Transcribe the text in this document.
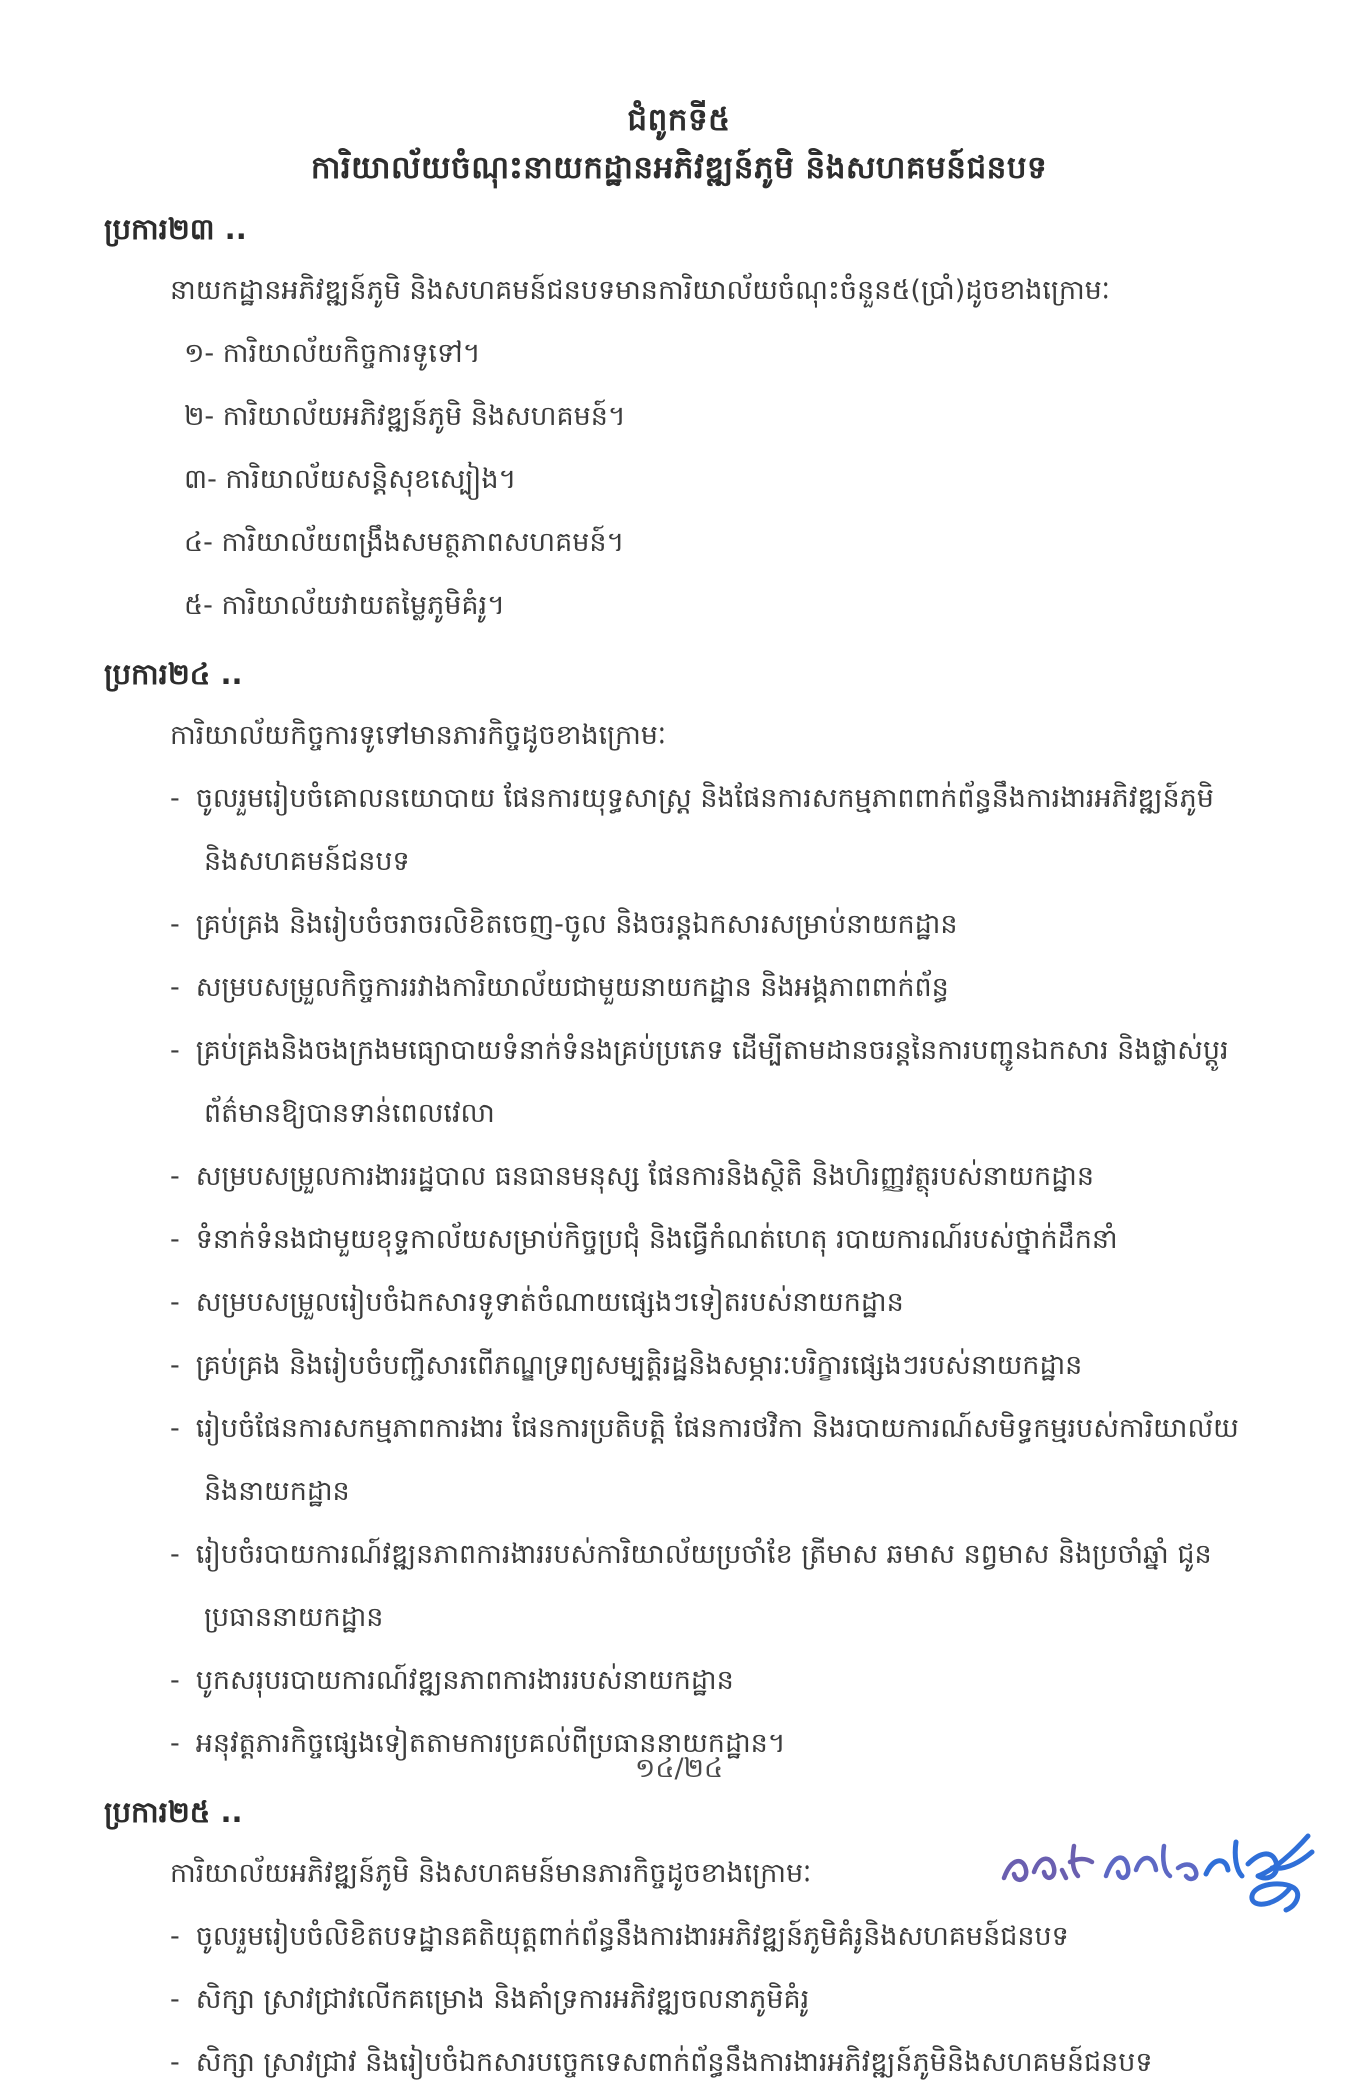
ជំពូកទី៥
ការិយាល័យចំណុះនាយកដ្ឋានអភិវឌ្ឍន៍ភូមិ និងសហគមន៍ជនបទ
ប្រការ២៣ ..
នាយកដ្ឋានអភិវឌ្ឍន៍ភូមិ និងសហគមន៍ជនបទមានការិយាល័យចំណុះចំនួន៥(ប្រាំ)ដូចខាងក្រោមៈ
១- ការិយាល័យកិច្ចការទូទៅ។
២- ការិយាល័យអភិវឌ្ឍន៍ភូមិ និងសហគមន៍។
៣- ការិយាល័យសន្តិសុខស្បៀង។
៤- ការិយាល័យពង្រឹងសមត្ថភាពសហគមន៍។
៥- ការិយាល័យវាយតម្លៃភូមិគំរូ។
ប្រការ២៤ ..
ការិយាល័យកិច្ចការទូទៅមានភារកិច្ចដូចខាងក្រោមៈ
- ចូលរួមរៀបចំគោលនយោបាយ ផែនការយុទ្ធសាស្ត្រ និងផែនការសកម្មភាពពាក់ព័ន្ធនឹងការងារអភិវឌ្ឍន៍ភូមិនិងសហគមន៍ជនបទ
- គ្រប់គ្រង និងរៀបចំចរាចរលិខិតចេញ-ចូល និងចរន្តឯកសារសម្រាប់នាយកដ្ឋាន
- សម្របសម្រួលកិច្ចការរវាងការិយាល័យជាមួយនាយកដ្ឋាន និងអង្គភាពពាក់ព័ន្ធ
- គ្រប់គ្រងនិងចងក្រងមធ្យោបាយទំនាក់ទំនងគ្រប់ប្រភេទ ដើម្បីតាមដានចរន្តនៃការបញ្ជូនឯកសារ និងផ្លាស់ប្តូរព័ត៌មានឱ្យបានទាន់ពេលវេលា
- សម្របសម្រួលការងាររដ្ឋបាល ធនធានមនុស្ស ផែនការនិងស្ថិតិ និងហិរញ្ញវត្ថុរបស់នាយកដ្ឋាន
- ទំនាក់ទំនងជាមួយខុទ្ទកាល័យសម្រាប់កិច្ចប្រជុំ និងធ្វើកំណត់ហេតុ របាយការណ៍របស់ថ្នាក់ដឹកនាំ
- សម្របសម្រួលរៀបចំឯកសារទូទាត់ចំណាយផ្សេងៗទៀតរបស់នាយកដ្ឋាន
- គ្រប់គ្រង និងរៀបចំបញ្ជីសារពើភណ្ឌទ្រព្យសម្បត្តិរដ្ឋនិងសម្ភារៈបរិក្ខារផ្សេងៗរបស់នាយកដ្ឋាន
- រៀបចំផែនការសកម្មភាពការងារ ផែនការប្រតិបត្តិ ផែនការថវិកា និងរបាយការណ៍សមិទ្ធកម្មរបស់ការិយាល័យ និងនាយកដ្ឋាន
- រៀបចំរបាយការណ៍វឌ្ឍនភាពការងាររបស់ការិយាល័យប្រចាំខែ ត្រីមាស ឆមាស នព្វមាស និងប្រចាំឆ្នាំ ជូនប្រធាននាយកដ្ឋាន
- បូកសរុបរបាយការណ៍វឌ្ឍនភាពការងាររបស់នាយកដ្ឋាន
- អនុវត្តភារកិច្ចផ្សេងទៀតតាមការប្រគល់ពីប្រធាននាយកដ្ឋាន។
ប្រការ២៥ ..
ការិយាល័យអភិវឌ្ឍន៍ភូមិ និងសហគមន៍មានភារកិច្ចដូចខាងក្រោមៈ
- ចូលរួមរៀបចំលិខិតបទដ្ឋានគតិយុត្តពាក់ព័ន្ធនឹងការងារអភិវឌ្ឍន៍ភូមិគំរូនិងសហគមន៍ជនបទ
- សិក្សា ស្រាវជ្រាវលើកគម្រោង និងគាំទ្រការអភិវឌ្ឍចលនាភូមិគំរូ
- សិក្សា ស្រាវជ្រាវ និងរៀបចំឯកសារបច្ចេកទេសពាក់ព័ន្ធនឹងការងារអភិវឌ្ឍន៍ភូមិនិងសហគមន៍ជនបទ
១៤/២៤
